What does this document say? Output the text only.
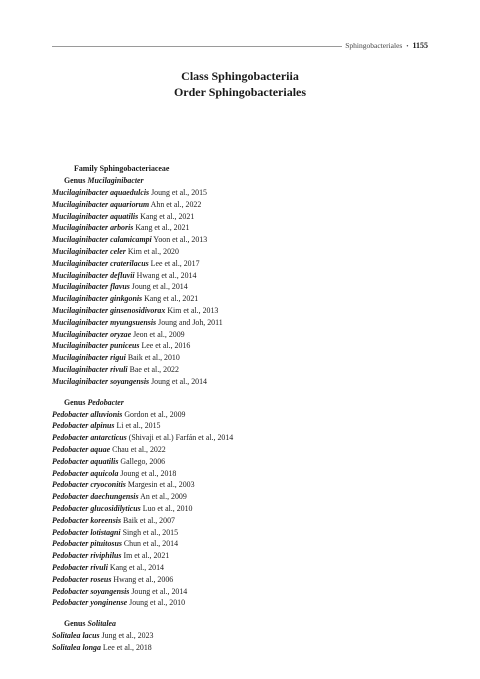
Sphingobacteriales • 1155
Class Sphingobacteriia
Order Sphingobacteriales
Family Sphingobacteriaceae
Genus Mucilaginibacter
Mucilaginibacter aquaedulcis Joung et al., 2015
Mucilaginibacter aquariorum Ahn et al., 2022
Mucilaginibacter aquatilis Kang et al., 2021
Mucilaginibacter arboris Kang et al., 2021
Mucilaginibacter calamicampi Yoon et al., 2013
Mucilaginibacter celer Kim et al., 2020
Mucilaginibacter craterilacus Lee et al., 2017
Mucilaginibacter defluvii Hwang et al., 2014
Mucilaginibacter flavus Joung et al., 2014
Mucilaginibacter ginkgonis Kang et al., 2021
Mucilaginibacter ginsenosidivorax Kim et al., 2013
Mucilaginibacter myungsuensis Joung and Joh, 2011
Mucilaginibacter oryzae Jeon et al., 2009
Mucilaginibacter puniceus Lee et al., 2016
Mucilaginibacter rigui Baik et al., 2010
Mucilaginibacter rivuli Bae et al., 2022
Mucilaginibacter soyangensis Joung et al., 2014
Genus Pedobacter
Pedobacter alluvionis Gordon et al., 2009
Pedobacter alpinus Li et al., 2015
Pedobacter antarcticus (Shivaji et al.) Farfán et al., 2014
Pedobacter aquae Chau et al., 2022
Pedobacter aquatilis Gallego, 2006
Pedobacter aquicola Joung et al., 2018
Pedobacter cryoconitis Margesin et al., 2003
Pedobacter daechungensis An et al., 2009
Pedobacter glucosidilyticus Luo et al., 2010
Pedobacter koreensis Baik et al., 2007
Pedobacter lotistagni Singh et al., 2015
Pedobacter pituitosus Chun et al., 2014
Pedobacter riviphilus Im et al., 2021
Pedobacter rivuli Kang et al., 2014
Pedobacter roseus Hwang et al., 2006
Pedobacter soyangensis Joung et al., 2014
Pedobacter yonginense Joung et al., 2010
Genus Solitalea
Solitalea lacus Jung et al., 2023
Solitalea longa Lee et al., 2018
